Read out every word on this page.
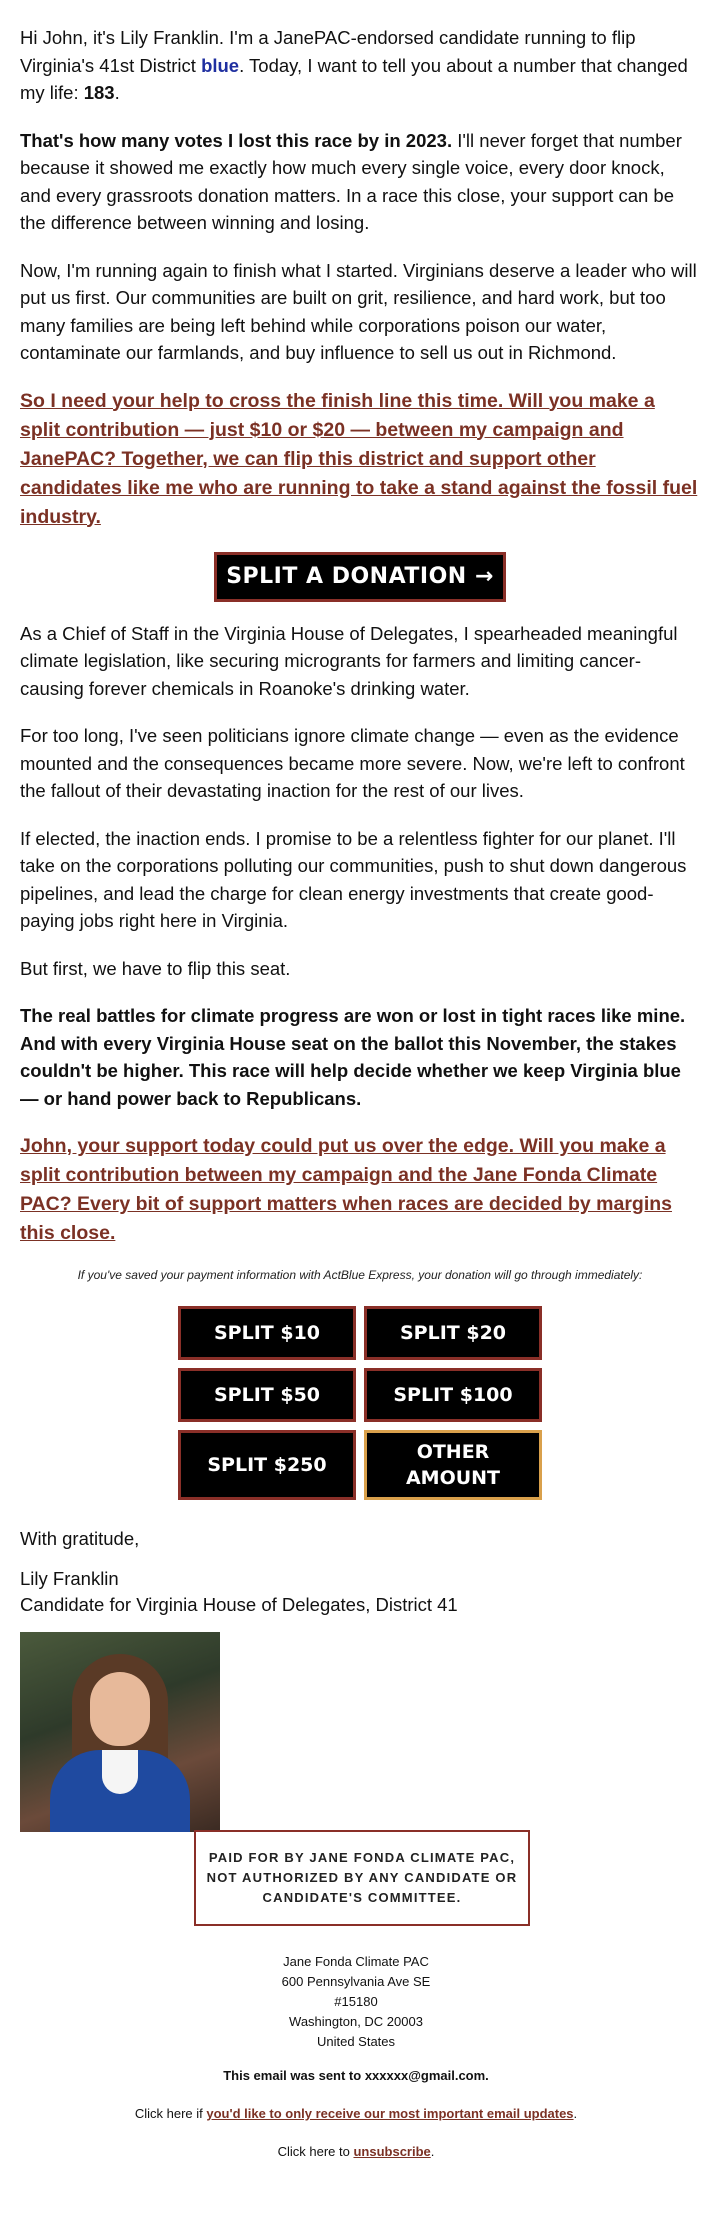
Hi John, it's Lily Franklin. I'm a JanePAC-endorsed candidate running to flip Virginia's 41st District blue. Today, I want to tell you about a number that changed my life: 183.

That's how many votes I lost this race by in 2023. I'll never forget that number because it showed me exactly how much every single voice, every door knock, and every grassroots donation matters. In a race this close, your support can be the difference between winning and losing.

Now, I'm running again to finish what I started. Virginians deserve a leader who will put us first. Our communities are built on grit, resilience, and hard work, but too many families are being left behind while corporations poison our water, contaminate our farmlands, and buy influence to sell us out in Richmond.

So I need your help to cross the finish line this time. Will you make a split contribution — just $10 or $20 — between my campaign and JanePAC? Together, we can flip this district and support other candidates like me who are running to take a stand against the fossil fuel industry.

SPLIT A DONATION →

As a Chief of Staff in the Virginia House of Delegates, I spearheaded meaningful climate legislation, like securing microgrants for farmers and limiting cancer-causing forever chemicals in Roanoke's drinking water.

For too long, I've seen politicians ignore climate change — even as the evidence mounted and the consequences became more severe. Now, we're left to confront the fallout of their devastating inaction for the rest of our lives.

If elected, the inaction ends. I promise to be a relentless fighter for our planet. I'll take on the corporations polluting our communities, push to shut down dangerous pipelines, and lead the charge for clean energy investments that create good-paying jobs right here in Virginia.

But first, we have to flip this seat.

The real battles for climate progress are won or lost in tight races like mine. And with every Virginia House seat on the ballot this November, the stakes couldn't be higher. This race will help decide whether we keep Virginia blue — or hand power back to Republicans.

John, your support today could put us over the edge. Will you make a split contribution between my campaign and the Jane Fonda Climate PAC? Every bit of support matters when races are decided by margins this close.

If you've saved your payment information with ActBlue Express, your donation will go through immediately:
SPLIT $10	SPLIT $20
SPLIT $50	SPLIT $100
SPLIT $250
OTHER
AMOUNT

With gratitude,

Lily Franklin
Candidate for Virginia House of Delegates, District 41

PAID FOR BY JANE FONDA CLIMATE PAC,
NOT AUTHORIZED BY ANY CANDIDATE OR
CANDIDATE'S COMMITTEE.
Jane Fonda Climate PAC
600 Pennsylvania Ave SE
#15180
Washington, DC 20003
United States
This email was sent to xxxxxx@gmail.com.
Click here if you'd like to only receive our most important email updates.
Click here to unsubscribe.
